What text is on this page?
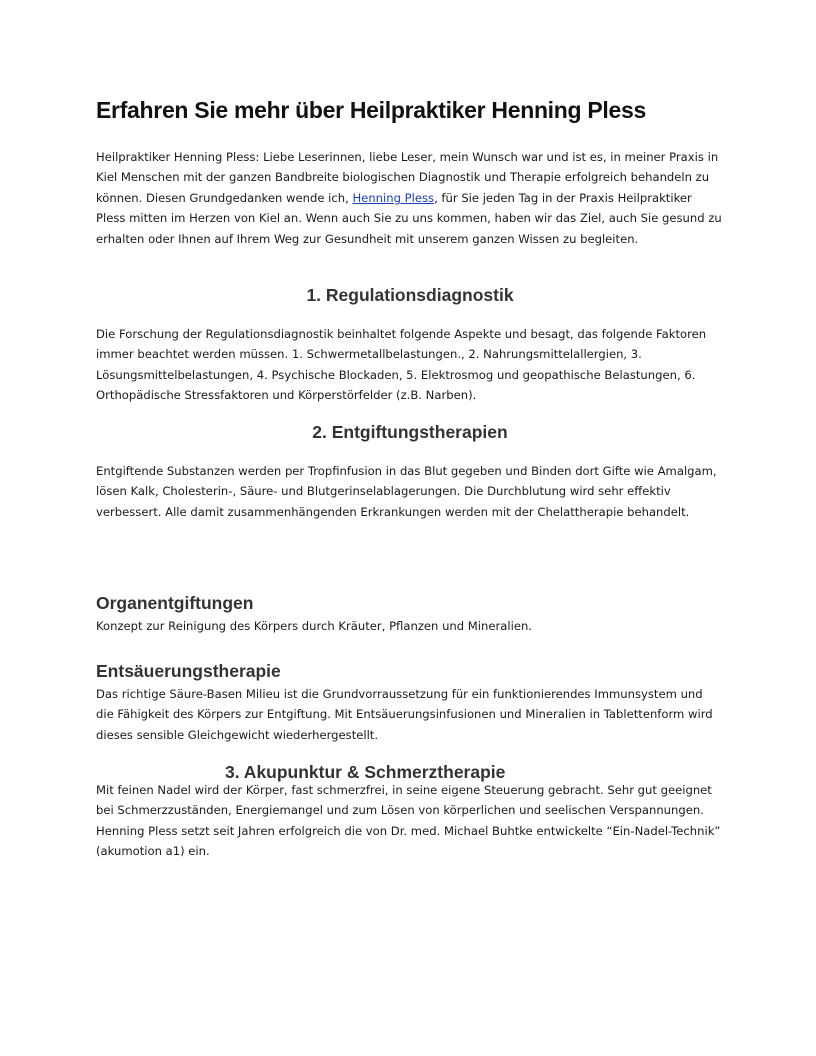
Erfahren Sie mehr über Heilpraktiker Henning Pless

Heilpraktiker Henning Pless: Liebe Leserinnen, liebe Leser, mein Wunsch war und ist es, in meiner Praxis in Kiel Menschen mit der ganzen Bandbreite biologischen Diagnostik und Therapie erfolgreich behandeln zu können. Diesen Grundgedanken wende ich, Henning Pless, für Sie jeden Tag in der Praxis Heilpraktiker Pless mitten im Herzen von Kiel an. Wenn auch Sie zu uns kommen, haben wir das Ziel, auch Sie gesund zu erhalten oder Ihnen auf Ihrem Weg zur Gesundheit mit unserem ganzen Wissen zu begleiten.

1. Regulationsdiagnostik

Die Forschung der Regulationsdiagnostik beinhaltet folgende Aspekte und besagt, das folgende Faktoren immer beachtet werden müssen. 1. Schwermetallbelastungen., 2. Nahrungsmittelallergien, 3. Lösungsmittelbelastungen, 4. Psychische Blockaden, 5. Elektrosmog und geopathische Belastungen, 6. Orthopädische Stressfaktoren und Körperstörfelder (z.B. Narben).

2. Entgiftungstherapien

Entgiftende Substanzen werden per Tropfinfusion in das Blut gegeben und Binden dort Gifte wie Amalgam, lösen Kalk, Cholesterin-, Säure- und Blutgerinselablagerungen. Die Durchblutung wird sehr effektiv verbessert. Alle damit zusammenhängenden Erkrankungen werden mit der Chelattherapie behandelt.

Organentgiftungen

Konzept zur Reinigung des Körpers durch Kräuter, Pflanzen und Mineralien.

Entsäuerungstherapie

Das richtige Säure-Basen Milieu ist die Grundvorraussetzung für ein funktionierendes Immunsystem und die Fähigkeit des Körpers zur Entgiftung. Mit Entsäuerungsinfusionen und Mineralien in Tablettenform wird dieses sensible Gleichgewicht wiederhergestellt.

3. Akupunktur & Schmerztherapie

Mit feinen Nadel wird der Körper, fast schmerzfrei, in seine eigene Steuerung gebracht. Sehr gut geeignet bei Schmerzzuständen, Energiemangel und zum Lösen von körperlichen und seelischen Verspannungen. Henning Pless setzt seit Jahren erfolgreich die von Dr. med. Michael Buhtke entwickelte “Ein-Nadel-Technik” (akumotion a1) ein.
